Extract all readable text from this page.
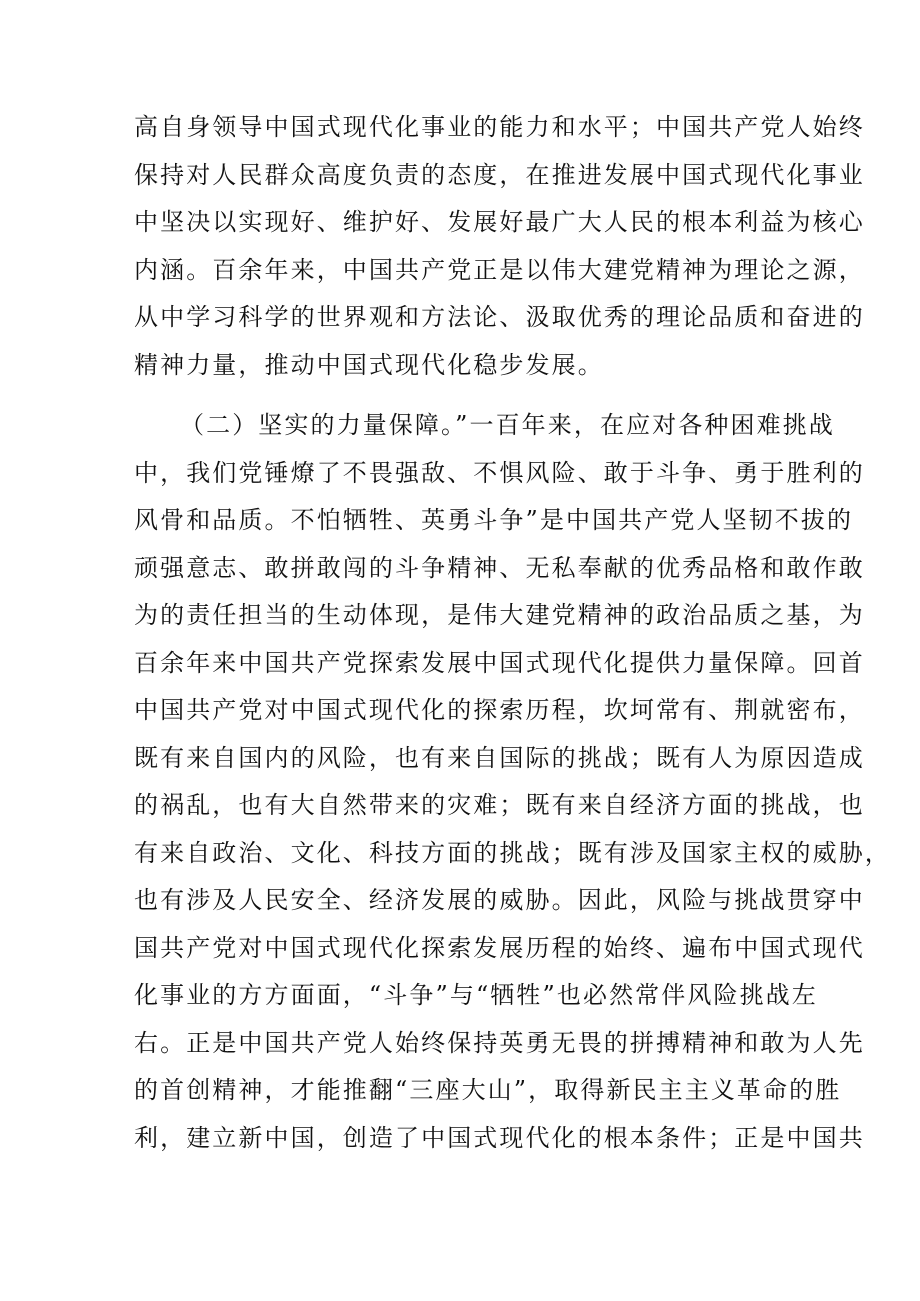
高自身领导中国式现代化事业的能力和水平；中国共产党人始终
保持对人民群众高度负责的态度，在推进发展中国式现代化事业
中坚决以实现好、维护好、发展好最广大人民的根本利益为核心
内涵。百余年来，中国共产党正是以伟大建党精神为理论之源，
从中学习科学的世界观和方法论、汲取优秀的理论品质和奋进的
精神力量，推动中国式现代化稳步发展。
（二）坚实的力量保障。”一百年来，在应对各种困难挑战
中，我们党锤燎了不畏强敌、不惧风险、敢于斗争、勇于胜利的
风骨和品质。不怕牺牲、英勇斗争”是中国共产党人坚韧不拔的
顽强意志、敢拼敢闯的斗争精神、无私奉献的优秀品格和敢作敢
为的责任担当的生动体现，是伟大建党精神的政治品质之基，为
百余年来中国共产党探索发展中国式现代化提供力量保障。回首
中国共产党对中国式现代化的探索历程，坎坷常有、荆就密布，
既有来自国内的风险，也有来自国际的挑战；既有人为原因造成
的祸乱，也有大自然带来的灾难；既有来自经济方面的挑战，也
有来自政治、文化、科技方面的挑战；既有涉及国家主权的威胁，
也有涉及人民安全、经济发展的威胁。因此，风险与挑战贯穿中
国共产党对中国式现代化探索发展历程的始终、遍布中国式现代
化事业的方方面面，“斗争”与“牺牲”也必然常伴风险挑战左
右。正是中国共产党人始终保持英勇无畏的拼搏精神和敢为人先
的首创精神，才能推翻“三座大山”，取得新民主主义革命的胜
利，建立新中国，创造了中国式现代化的根本条件；正是中国共
